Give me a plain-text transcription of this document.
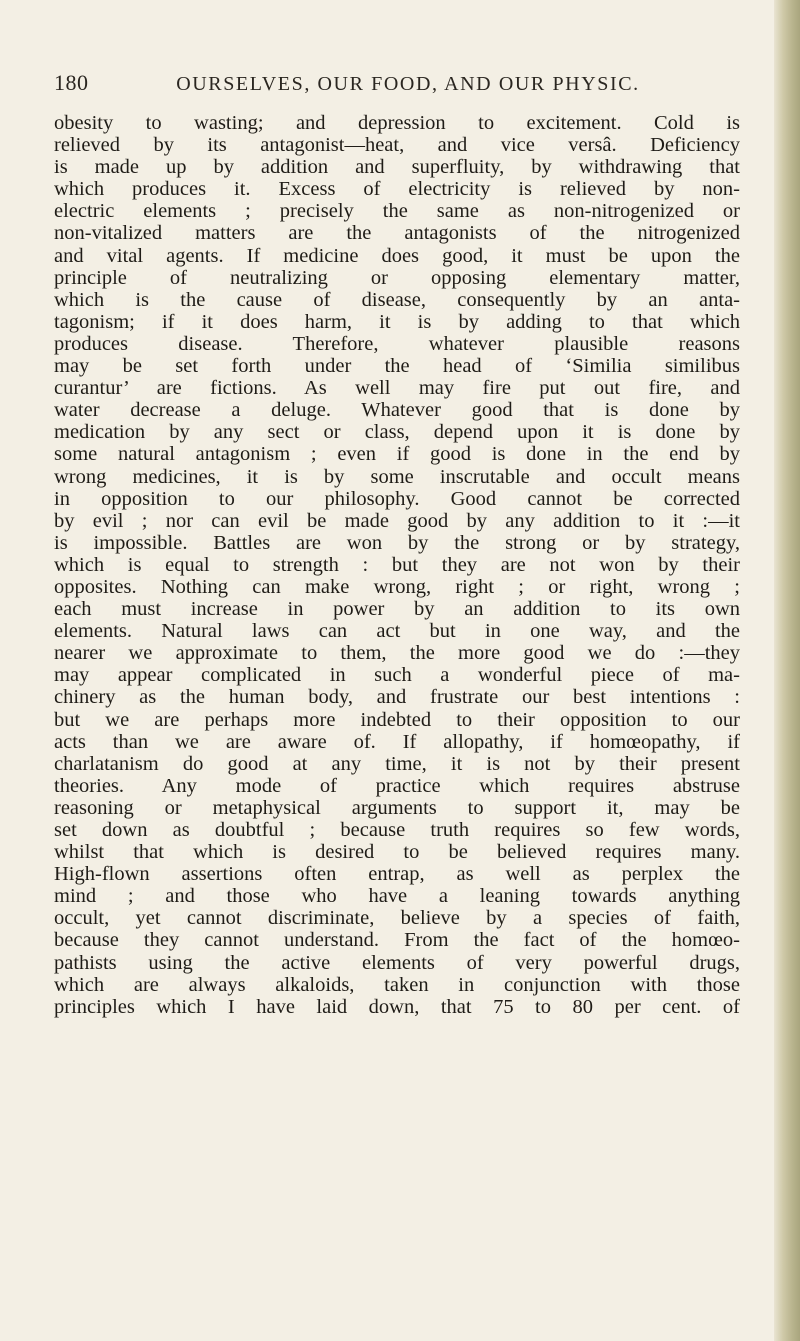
180	OURSELVES, OUR FOOD, AND OUR PHYSIC.
obesity to wasting; and depression to excitement. Cold is
relieved by its antagonist—heat, and vice versâ. Deficiency
is made up by addition and superfluity, by withdrawing that
which produces it. Excess of electricity is relieved by non-
electric elements ; precisely the same as non-nitrogenized or
non-vitalized matters are the antagonists of the nitrogenized
and vital agents. If medicine does good, it must be upon the
principle of neutralizing or opposing elementary matter,
which is the cause of disease, consequently by an anta-
tagonism; if it does harm, it is by adding to that which
produces disease. Therefore, whatever plausible reasons
may be set forth under the head of ‘Similia similibus
curantur’ are fictions. As well may fire put out fire, and
water decrease a deluge. Whatever good that is done by
medication by any sect or class, depend upon it is done by
some natural antagonism ; even if good is done in the end by
wrong medicines, it is by some inscrutable and occult means
in opposition to our philosophy. Good cannot be corrected
by evil ; nor can evil be made good by any addition to it :—it
is impossible. Battles are won by the strong or by strategy,
which is equal to strength : but they are not won by their
opposites. Nothing can make wrong, right ; or right, wrong ;
each must increase in power by an addition to its own
elements. Natural laws can act but in one way, and the
nearer we approximate to them, the more good we do :—they
may appear complicated in such a wonderful piece of ma-
chinery as the human body, and frustrate our best intentions :
but we are perhaps more indebted to their opposition to our
acts than we are aware of. If allopathy, if homœopathy, if
charlatanism do good at any time, it is not by their present
theories. Any mode of practice which requires abstruse
reasoning or metaphysical arguments to support it, may be
set down as doubtful ; because truth requires so few words,
whilst that which is desired to be believed requires many.
High-flown assertions often entrap, as well as perplex the
mind ; and those who have a leaning towards anything
occult, yet cannot discriminate, believe by a species of faith,
because they cannot understand. From the fact of the homœo-
pathists using the active elements of very powerful drugs,
which are always alkaloids, taken in conjunction with those
principles which I have laid down, that 75 to 80 per cent. of
